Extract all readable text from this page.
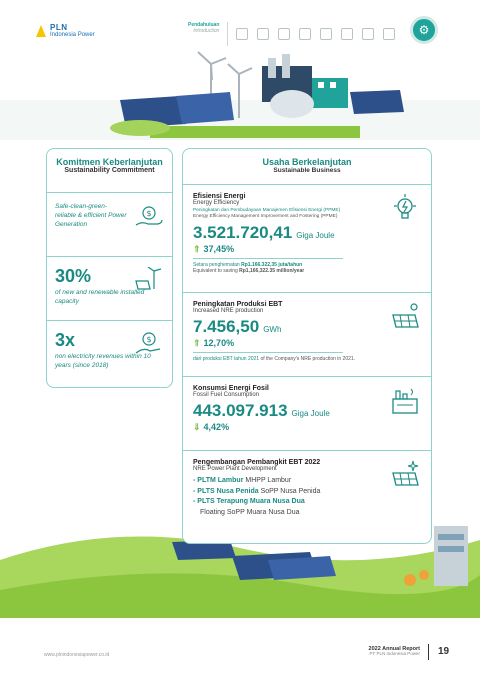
PLN
Indonesia Power
Pendahuluan
Introduction	⚙
Komitmen Keberlanjutan
Sustainability Commitment
Safe-clean-green-reliable & efficient Power Generation
$
30%
of new and renewable installed capacity
3x
non electricity revenues within 10 years (since 2018)
$
Usaha Berkelanjutan
Sustainable Business
Efisiensi Energi
Energy Efficiency
Peningkatan dan Pembudayaan Manajemen Efisiensi Energi (PPME)
Energy Efficiency Management Improvement and Fostering (PPME)
3.521.720,41 Giga Joule
⇑ 37,45%
Setara penghematan Rp1.166.322,35 juta/tahun
Equivalent to saving Rp1,166,322.35 million/year
Peningkatan Produksi EBT
Increased NRE production
7.456,50 GWh
⇑ 12,70%
dari produksi EBT tahun 2021 of the Company's NRE production in 2021.
Konsumsi Energi Fosil
Fossil Fuel Consumption
443.097.913 Giga Joule
⇓ 4,42%
Pengembangan Pembangkit EBT 2022
NRE Power Plant Development
- PLTM Lambur MHPP Lambur
- PLTS Nusa Penida SoPP Nusa Penida
- PLTS Terapung Muara Nusa Dua
Floating SoPP Muara Nusa Dua
www.plnindonesiapower.co.id
2022 Annual Report
PT PLN Indonesia Power 19
